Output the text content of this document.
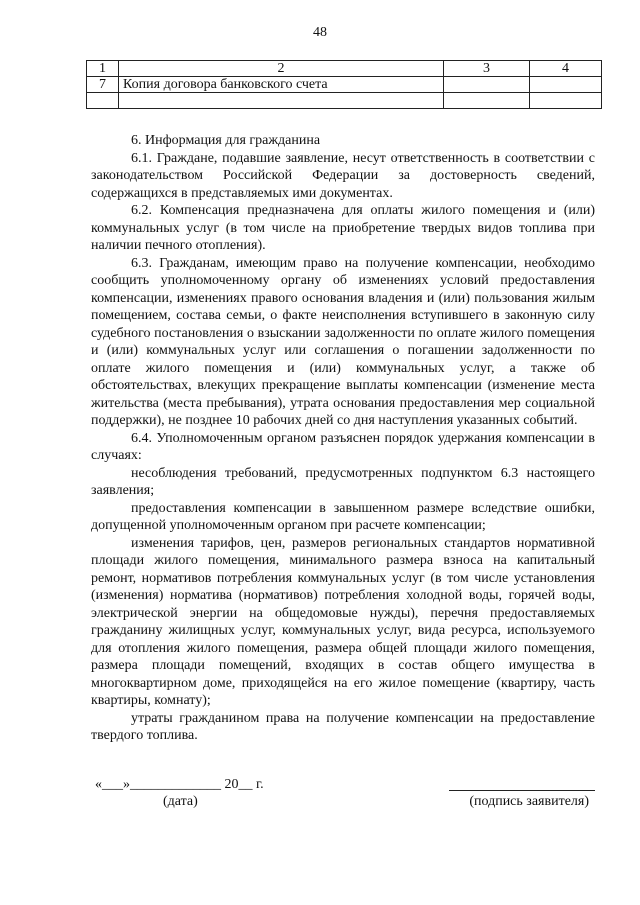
48
1	2	3	4
7	Копия договора банковского счета		

6. Информация для гражданина

6.1. Граждане, подавшие заявление, несут ответственность в соответствии с законодательством Российской Федерации за достоверность сведений, содержащихся в представляемых ими документах.

6.2. Компенсация предназначена для оплаты жилого помещения и (или) коммунальных услуг (в том числе на приобретение твердых видов топлива при наличии печного отопления).

6.3. Гражданам, имеющим право на получение компенсации, необходимо сообщить уполномоченному органу об изменениях условий предоставления компенсации, изменениях правого основания владения и (или) пользования жилым помещением, состава семьи, о факте неисполнения вступившего в законную силу судебного постановления о взыскании задолженности по оплате жилого помещения и (или) коммунальных услуг или соглашения о погашении задолженности по оплате жилого помещения и (или) коммунальных услуг, а также об обстоятельствах, влекущих прекращение выплаты компенсации (изменение места жительства (места пребывания), утрата основания предоставления мер социальной поддержки), не позднее 10 рабочих дней со дня наступления указанных событий.

6.4. Уполномоченным органом разъяснен порядок удержания компенсации в случаях:

несоблюдения требований, предусмотренных подпунктом 6.3 настоящего заявления;

предоставления компенсации в завышенном размере вследствие ошибки, допущенной уполномоченным органом при расчете компенсации;

изменения тарифов, цен, размеров региональных стандартов нормативной площади жилого помещения, минимального размера взноса на капитальный ремонт, нормативов потребления коммунальных услуг (в том числе установления (изменения) норматива (нормативов) потребления холодной воды, горячей воды, электрической энергии на общедомовые нужды), перечня предоставляемых гражданину жилищных услуг, коммунальных услуг, вида ресурса, используемого для отопления жилого помещения, размера общей площади жилого помещения, размера площади помещений, входящих в состав общего имущества в многоквартирном доме, приходящейся на его жилое помещение (квартиру, часть квартиры, комнату);

утраты гражданином права на получение компенсации на предоставление твердого топлива.

«___»_____________ 20__ г.
(дата)	(подпись заявителя)
